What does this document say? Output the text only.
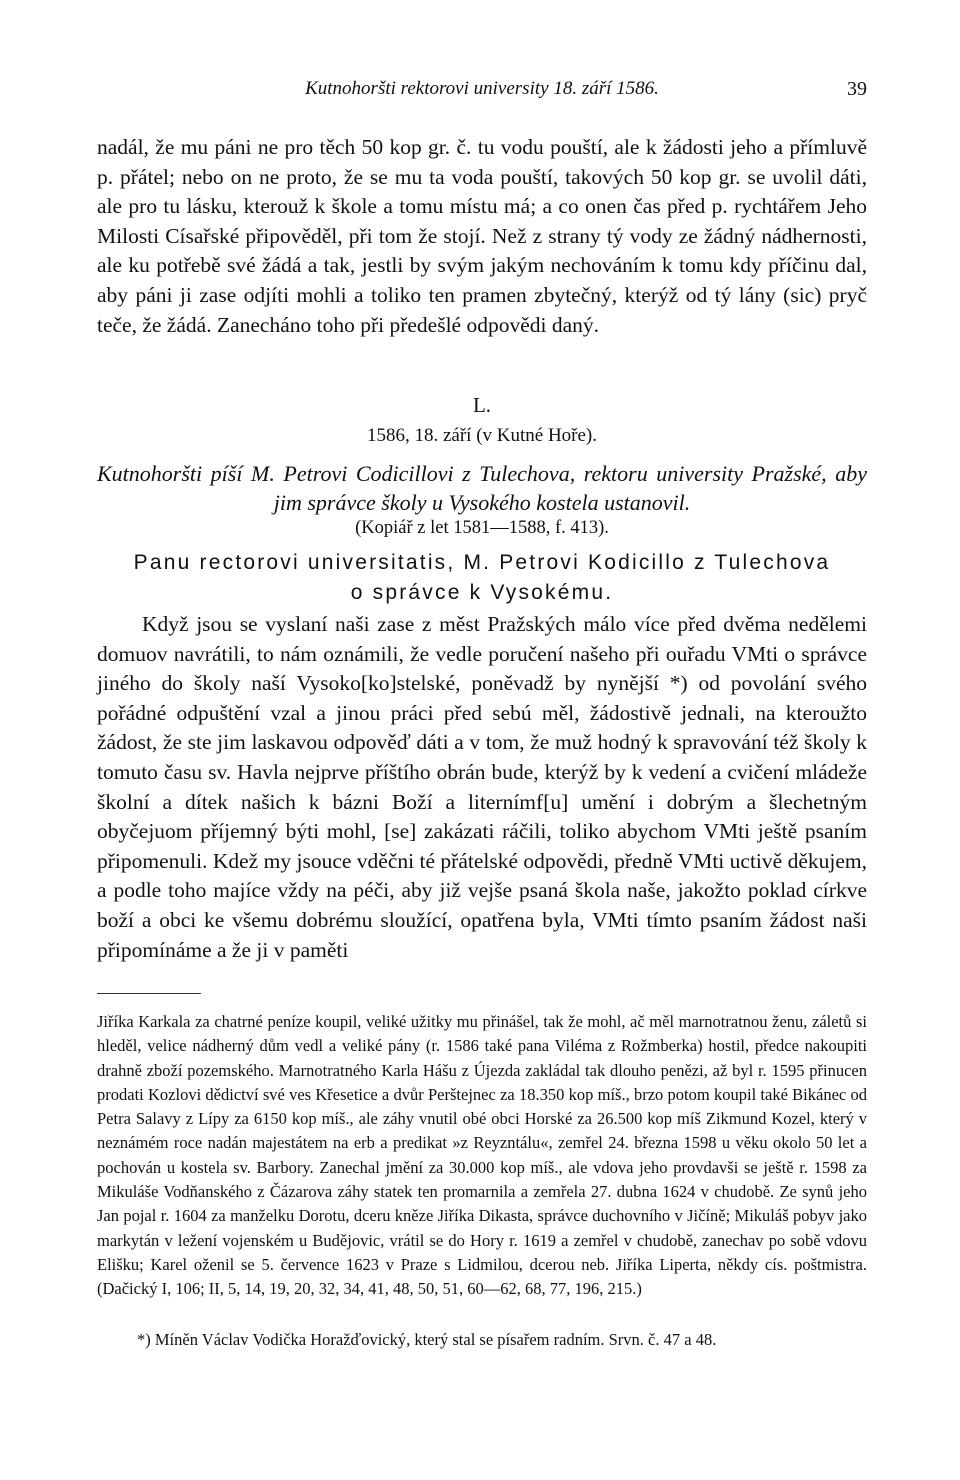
Kutnohoršti rektorovi university 18. září 1586.	39

nadál, že mu páni ne pro těch 50 kop gr. č. tu vodu pouští, ale k žádosti jeho a přímluvě p. přátel; nebo on ne proto, že se mu ta voda pouští, takových 50 kop gr. se uvolil dáti, ale pro tu lásku, kterouž k škole a tomu místu má; a co onen čas před p. rychtářem Jeho Milosti Císařské připověděl, při tom že stojí. Než z strany tý vody ze žádný nádhernosti, ale ku potřebě své žádá a tak, jestli by svým jakým nechováním k tomu kdy příčinu dal, aby páni ji zase odjíti mohli a toliko ten pramen zbytečný, kterýž od tý lány (sic) pryč teče, že žádá. Zanecháno toho při předešlé odpovědi daný.

L.
1586, 18. září (v Kutné Hoře).
Kutnohoršti píší M. Petrovi Codicillovi z Tulechova, rektoru university Pražské, aby jim správce školy u Vysokého kostela ustanovil.
(Kopiář z let 1581—1588, f. 413).
Panu rectorovi universitatis, M. Petrovi Kodicillo z Tulechova
o správce k Vysokému.

Když jsou se vyslaní naši zase z měst Pražských málo více před dvěma nedělemi domuov navrátili, to nám oznámili, že vedle poručení našeho při ouřadu VMti o správce jiného do školy naší Vysoko[ko]stelské, poněvadž by nynější *) od povolání svého pořádné odpuštění vzal a jinou práci před sebú měl, žádostivě jednali, na kteroužto žádost, že ste jim laskavou odpověď dáti a v tom, že muž hodný k spravování též školy k tomuto času sv. Havla nejprve příštího obrán bude, kterýž by k vedení a cvičení mládeže školní a dítek našich k bázni Boží a liternímf[u] umění i dobrým a šlechetným obyčejuom příjemný býti mohl, [se] zakázati ráčili, toliko abychom VMti ještě psaním připomenuli. Kdež my jsouce vděčni té přátelské odpovědi, předně VMti uctivě děkujem, a podle toho majíce vždy na péči, aby již vejše psaná škola naše, jakožto poklad církve boží a obci ke všemu dobrému sloužící, opatřena byla, VMti tímto psaním žádost naši připomínáme a že ji v paměti

Jiříka Karkala za chatrné peníze koupil, veliké užitky mu přinášel, tak že mohl, ač měl marnotratnou ženu, záletů si hleděl, velice nádherný dům vedl a veliké pány (r. 1586 také pana Viléma z Rožmberka) hostil, předce nakoupiti drahně zboží pozemského. Marnotratného Karla Hášu z Újezda zakládal tak dlouho penězi, až byl r. 1595 přinucen prodati Kozlovi dědictví své ves Křesetice a dvůr Perštejnec za 18.350 kop míš., brzo potom koupil také Bikánec od Petra Salavy z Lípy za 6150 kop míš., ale záhy vnutil obé obci Horské za 26.500 kop míš Zikmund Kozel, který v neznámém roce nadán majestátem na erb a predikat »z Reyzntálu«, zemřel 24. března 1598 u věku okolo 50 let a pochován u kostela sv. Barbory. Zanechal jmění za 30.000 kop míš., ale vdova jeho provdavši se ještě r. 1598 za Mikuláše Vodňanského z Čázarova záhy statek ten promarnila a zemřela 27. dubna 1624 v chudobě. Ze synů jeho Jan pojal r. 1604 za manželku Dorotu, dceru kněze Jiříka Dikasta, správce duchovního v Jičíně; Mikuláš pobyv jako markytán v ležení vojenském u Budějovic, vrátil se do Hory r. 1619 a zemřel v chudobě, zanechav po sobě vdovu Elišku; Karel oženil se 5. července 1623 v Praze s Lidmilou, dcerou neb. Jiříka Liperta, někdy cís. poštmistra. (Dačický I, 106; II, 5, 14, 19, 20, 32, 34, 41, 48, 50, 51, 60—62, 68, 77, 196, 215.)

*) Míněn Václav Vodička Horažďovický, který stal se písařem radním. Srvn. č. 47 a 48.
